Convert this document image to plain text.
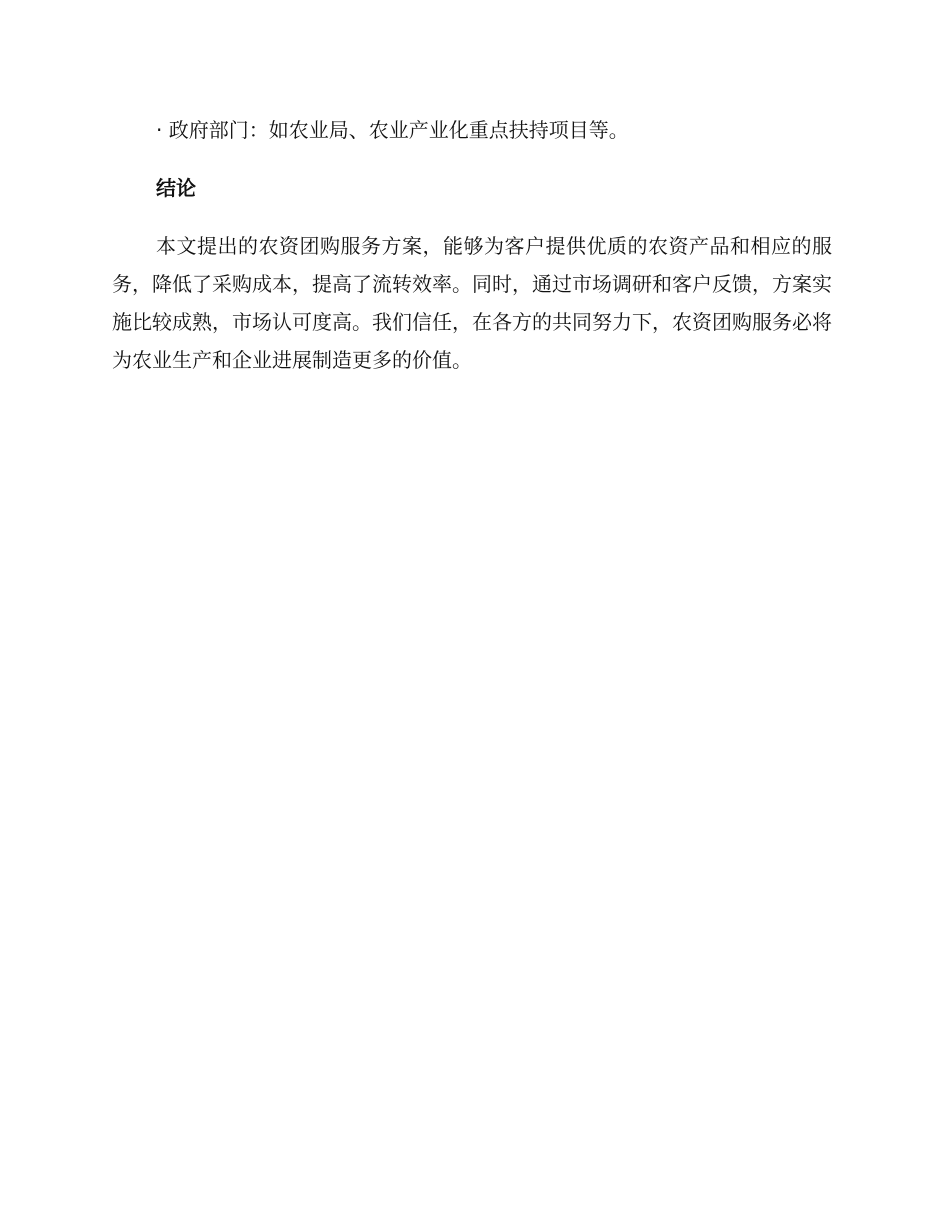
· 政府部门：如农业局、农业产业化重点扶持项目等。

结论

本文提出的农资团购服务方案，能够为客户提供优质的农资产品和相应的服务，降低了采购成本，提高了流转效率。同时，通过市场调研和客户反馈，方案实施比较成熟，市场认可度高。我们信任，在各方的共同努力下，农资团购服务必将为农业生产和企业进展制造更多的价值。
